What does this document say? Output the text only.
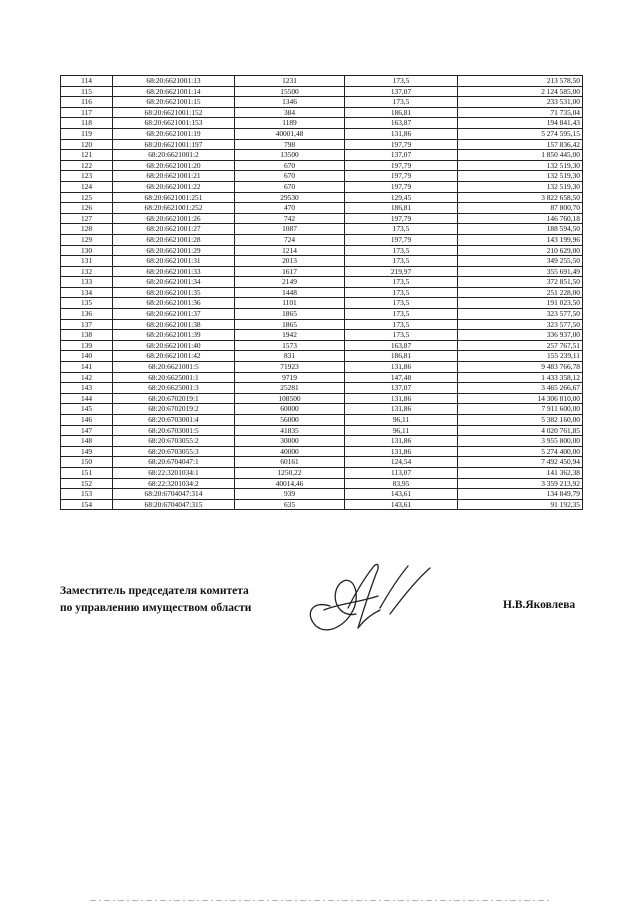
114	68:20:6621001:13	1231	173,5	213 578,50
115	68:20:6621001:14	15500	137,07	2 124 585,00
116	68:20:6621001:15	1346	173,5	233 531,00
117	68:20:6621001:152	384	186,81	71 735,04
118	68:20:6621001:153	1189	163,87	194 841,43
119	68:20:6621001:19	40001,48	131,86	5 274 595,15
120	68:20:6621001:197	798	197,79	157 836,42
121	68:20:6621001:2	13500	137,07	1 850 445,00
122	68:20:6621001:20	670	197,79	132 519,30
123	68:20:6621001:21	670	197,79	132 519,30
124	68:20:6621001:22	670	197,79	132 519,30
125	68:20:6621001:251	29530	129,45	3 822 658,50
126	68:20:6621001:252	470	186,81	87 800,70
127	68:20:6621001:26	742	197,79	146 760,18
128	68:20:6621001:27	1087	173,5	188 594,50
129	68:20:6621001:28	724	197,79	143 199,96
130	68:20:6621001:29	1214	173,5	210 629,00
131	68:20:6621001:31	2013	173,5	349 255,50
132	68:20:6621001:33	1617	219,97	355 691,49
133	68:20:6621001:34	2149	173,5	372 851,50
134	68:20:6621001:35	1448	173,5	251 228,00
135	68:20:6621001:36	1101	173,5	191 023,50
136	68:20:6621001:37	1865	173,5	323 577,50
137	68:20:6621001:38	1865	173,5	323 577,50
138	68:20:6621001:39	1942	173,5	336 937,00
139	68:20:6621001:40	1573	163,87	257 767,51
140	68:20:6621001:42	831	186,81	155 239,11
141	68:20:6621001:5	71923	131,86	9 483 766,78
142	68:20:6625001:1	9719	147,48	1 433 358,12
143	68:20:6625001:3	25281	137,07	3 465 266,67
144	68:20:6702019:1	108500	131,86	14 306 810,00
145	68:20:6702019:2	60000	131,86	7 911 600,00
146	68:20:6703001:4	56000	96,11	5 382 160,00
147	68:20:6703001:5	41835	96,11	4 020 761,85
148	68:20:6703055:2	30000	131,86	3 955 800,00
149	68:20:6703055:3	40000	131,86	5 274 400,00
150	68:20:6704047:1	60161	124,54	7 492 450,94
151	68:22:3201034:1	1250,22	113,07	141 362,38
152	68:22:3201034:2	40014,46	83,95	3 359 213,92
153	68:20:6704047:314	939	143,61	134 849,79
154	68:20:6704047:315	635	143,61	91 192,35
Заместитель председателя комитета
по управлению имуществом области	Н.В.Яковлева
